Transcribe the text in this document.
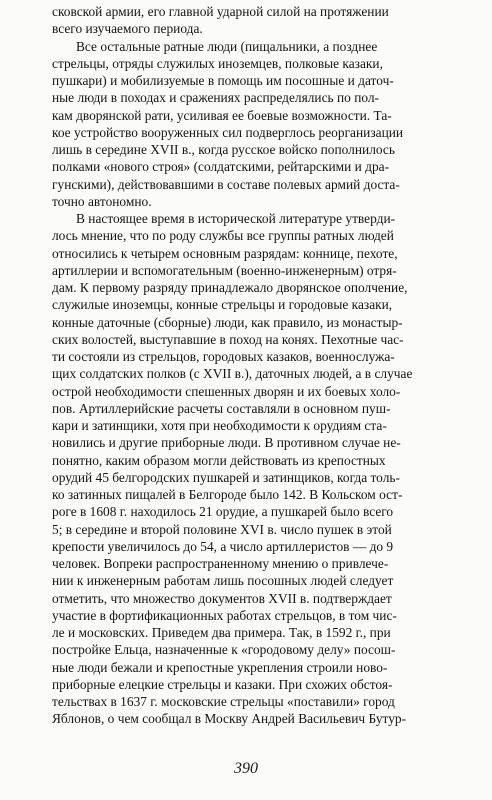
сковской армии, его главной ударной силой на протяжении
всего изучаемого периода.
Все остальные ратные люди (пищальники, а позднее
стрельцы, отряды служилых иноземцев, полковые казаки,
пушкари) и мобилизуемые в помощь им посошные и даточ-
ные люди в походах и сражениях распределялись по пол-
кам дворянской рати, усиливая ее боевые возможности. Та-
кое устройство вооруженных сил подверглось реорганизации
лишь в середине XVII в., когда русское войско пополнилось
полками «нового строя» (солдатскими, рейтарскими и дра-
гунскими), действовавшими в составе полевых армий доста-
точно автономно.
В настоящее время в исторической литературе утверди-
лось мнение, что по роду службы все группы ратных людей
относились к четырем основным разрядам: коннице, пехоте,
артиллерии и вспомогательным (военно-инженерным) отря-
дам. К первому разряду принадлежало дворянское ополчение,
служилые иноземцы, конные стрельцы и городовые казаки,
конные даточные (сборные) люди, как правило, из монастыр-
ских волостей, выступавшие в поход на конях. Пехотные час-
ти состояли из стрельцов, городовых казаков, военнослужа-
щих солдатских полков (с XVII в.), даточных людей, а в случае
острой необходимости спешенных дворян и их боевых холо-
пов. Артиллерийские расчеты составляли в основном пуш-
кари и затинщики, хотя при необходимости к орудиям ста-
новились и другие приборные люди. В противном случае не-
понятно, каким образом могли действовать из крепостных
орудий 45 белгородских пушкарей и затинщиков, когда толь-
ко затинных пищалей в Белгороде было 142. В Кольском ост-
роге в 1608 г. находилось 21 орудие, а пушкарей было всего
5; в середине и второй половине XVI в. число пушек в этой
крепости увеличилось до 54, а число артиллеристов — до 9
человек. Вопреки распространенному мнению о привлече-
нии к инженерным работам лишь посошных людей следует
отметить, что множество документов XVII в. подтверждает
участие в фортификационных работах стрельцов, в том чис-
ле и московских. Приведем два примера. Так, в 1592 г., при
постройке Ельца, назначенные к «городовому делу» посош-
ные люди бежали и крепостные укрепления строили ново-
приборные елецкие стрельцы и казаки. При схожих обстоя-
тельствах в 1637 г. московские стрельцы «поставили» город
Яблонов, о чем сообщал в Москву Андрей Васильевич Бутур-
390
